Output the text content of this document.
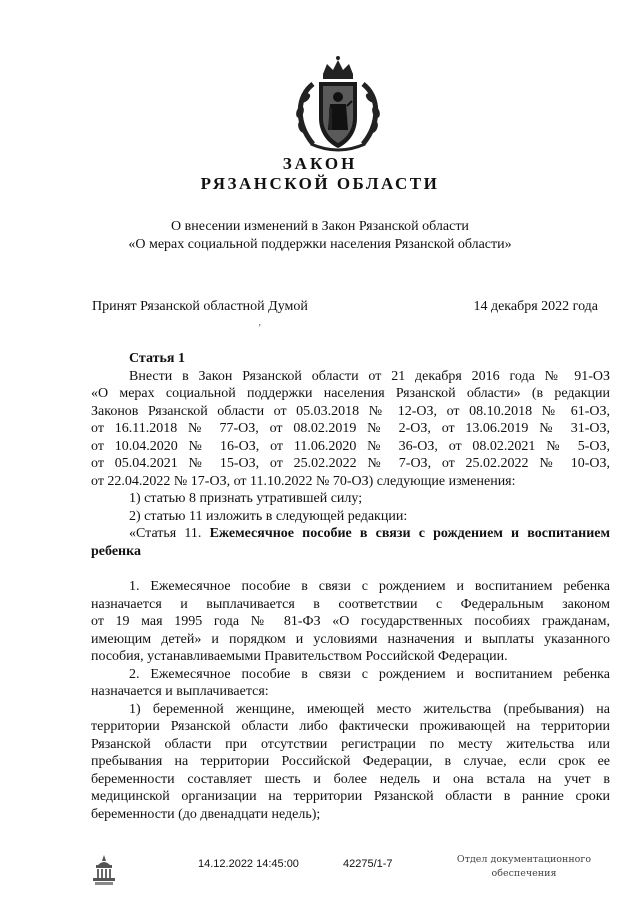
ЗАКОН
РЯЗАНСКОЙ ОБЛАСТИ
О внесении изменений в Закон Рязанской области
«О мерах социальной поддержки населения Рязанской области»
Принят Рязанской областной Думой	14 декабря 2022 года
ʼ

Статья 1

Внести в Закон Рязанской области от 21 декабря 2016 года № 91-ОЗ

«О мерах социальной поддержки населения Рязанской области» (в редакции

Законов Рязанской области от 05.03.2018 № 12-ОЗ, от 08.10.2018 № 61-ОЗ,

от 16.11.2018 № 77-ОЗ, от 08.02.2019 № 2-ОЗ, от 13.06.2019 № 31-ОЗ,

от 10.04.2020 № 16-ОЗ, от 11.06.2020 № 36-ОЗ, от 08.02.2021 № 5-ОЗ,

от 05.04.2021 № 15-ОЗ, от 25.02.2022 № 7-ОЗ, от 25.02.2022 № 10-ОЗ,

от 22.04.2022 № 17-ОЗ, от 11.10.2022 № 70-ОЗ) следующие изменения:

1) статью 8 признать утратившей силу;

2) статью 11 изложить в следующей редакции:

«Статья 11. Ежемесячное пособие в связи с рождением и воспитанием

ребенка

1. Ежемесячное пособие в связи с рождением и воспитанием ребенка

назначается и выплачивается в соответствии с Федеральным законом

от 19 мая 1995 года № 81-ФЗ «О государственных пособиях гражданам,

имеющим детей» и порядком и условиями назначения и выплаты указанного

пособия, устанавливаемыми Правительством Российской Федерации.

2. Ежемесячное пособие в связи с рождением и воспитанием ребенка

назначается и выплачивается:

1) беременной женщине, имеющей место жительства (пребывания) на

территории Рязанской области либо фактически проживающей на территории

Рязанской области при отсутствии регистрации по месту жительства или

пребывания на территории Российской Федерации, в случае, если срок ее

беременности составляет шесть и более недель и она встала на учет в

медицинской организации на территории Рязанской области в ранние сроки

беременности (до двенадцати недель);

14.12.2022 14:45:00	42275/1-7	Отдел документационного
обеспечения
